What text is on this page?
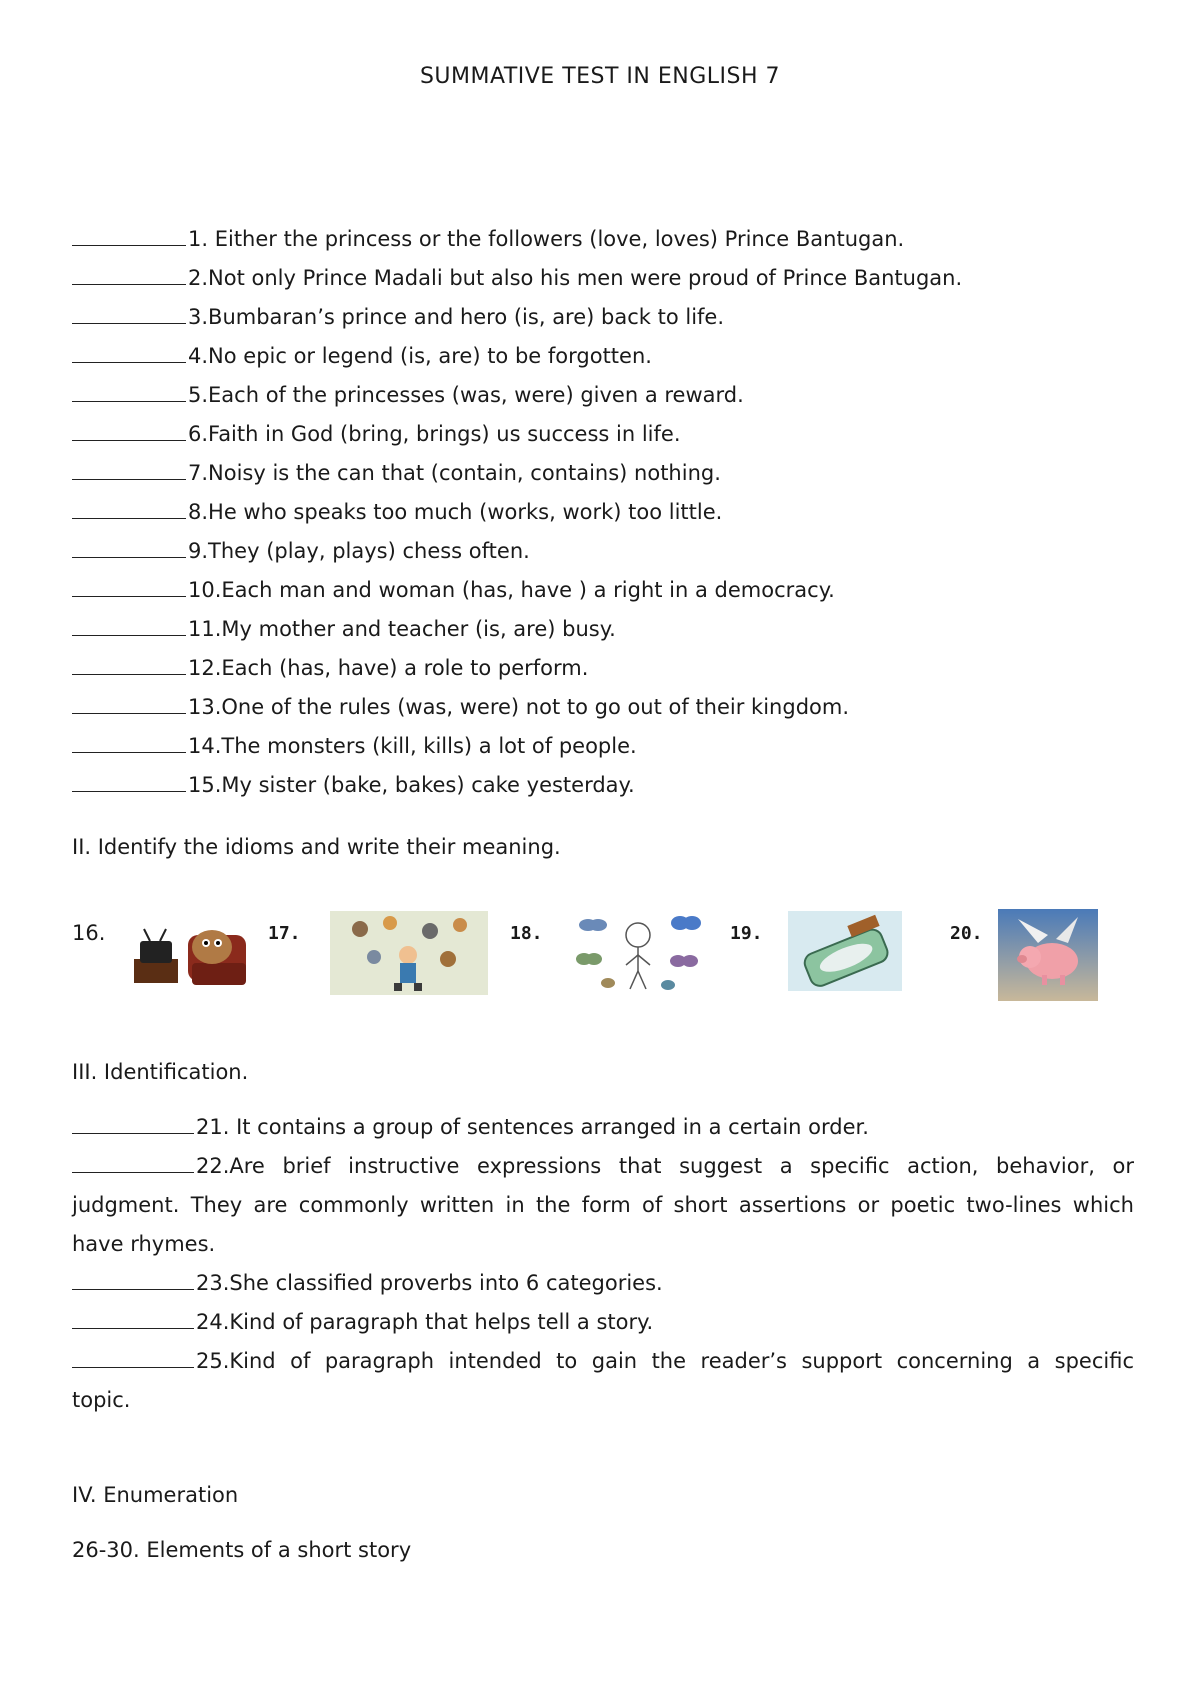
SUMMATIVE TEST IN ENGLISH 7
1. Either the princess or the followers (love, loves) Prince Bantugan.
2.Not only Prince Madali but also his men were proud of Prince Bantugan.
3.Bumbaran’s prince and hero (is, are) back to life.
4.No epic or legend (is, are) to be forgotten.
5.Each of the princesses (was, were) given a reward.
6.Faith in God (bring, brings) us success in life.
7.Noisy is the can that (contain, contains) nothing.
8.He who speaks too much (works, work) too little.
9.They (play, plays) chess often.
10.Each man and woman (has, have ) a right in a democracy.
11.My mother and teacher (is, are) busy.
12.Each (has, have) a role to perform.
13.One of the rules (was, were) not to go out of their kingdom.
14.The monsters (kill, kills) a lot of people.
15.My sister (bake, bakes) cake yesterday.
II. Identify the idioms and write their meaning.
16.	17.	18.	19.	20.
III. Identification.

21. It contains a group of sentences arranged in a certain order.

22.Are brief instructive expressions that suggest a specific action, behavior, or

judgment. They are commonly written in the form of short assertions or poetic two-lines which

have rhymes.

23.She classified proverbs into 6 categories.

24.Kind of paragraph that helps tell a story.

25.Kind of paragraph intended to gain the reader’s support concerning a specific

topic.

IV. Enumeration
26-30. Elements of a short story
